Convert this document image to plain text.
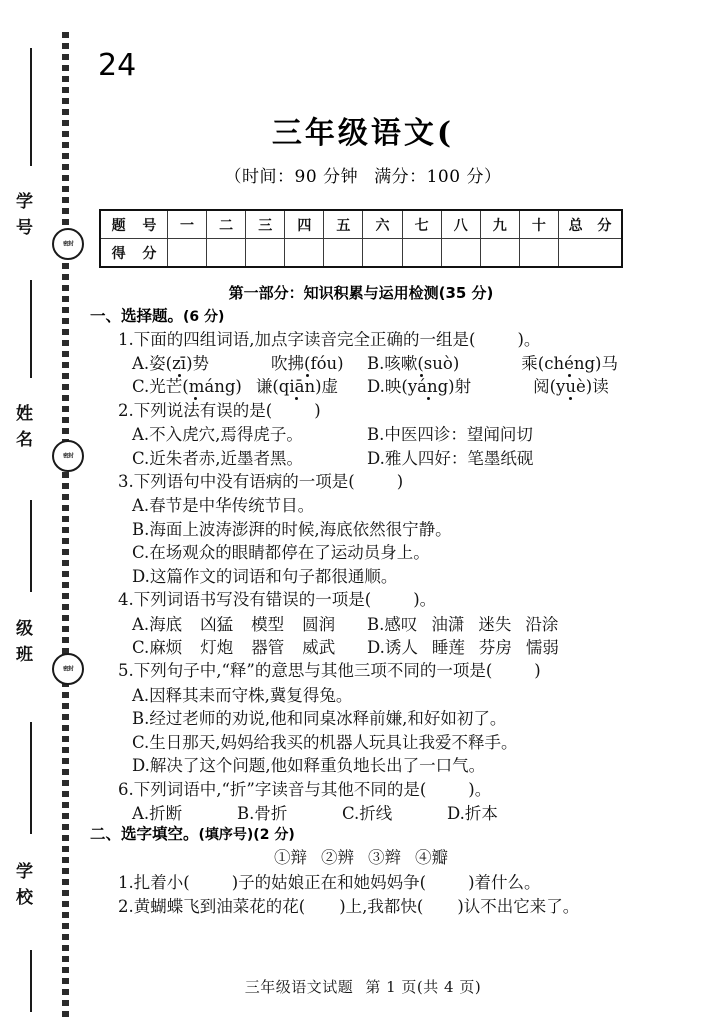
学
号
姓
名
级
班
学
校
密封
密封
密封
24
三年级语文(
（时间：90 分钟 满分：100 分）
题 号	一	二	三	四	五	六	七	八	九	十	总 分
得 分											
第一部分：知识积累与运用检测(35 分)
一、选择题。(6 分)
1.下面的四组词语,加点字读音完全正确的一组是(	)。
A.姿(zī)势	吹拂(fóu) B.咳嗽(suò)	乘(chéng)马
C.光芒(máng) 谦(qiān)虚 D.映(yáng)射	阅(yuè)读
2.下列说法有误的是(	)
A.不入虎穴,焉得虎子。	B.中医四诊：望闻问切
C.近朱者赤,近墨者黑。	D.雅人四好：笔墨纸砚
3.下列语句中没有语病的一项是(	)
A.春节是中华传统节目。
B.海面上波涛澎湃的时候,海底依然很宁静。
C.在场观众的眼睛都停在了运动员身上。
D.这篇作文的词语和句子都很通顺。
4.下列词语书写没有错误的一项是(	)。
A.海底 凶猛 模型 圆润 B.感叹 油潇 迷失 沿涂
C.麻烦 灯炮 器管 威武 D.诱人 睡莲 芬房 懦弱
5.下列句子中,“释”的意思与其他三项不同的一项是(	)
A.因释其耒而守株,冀复得兔。
B.经过老师的劝说,他和同桌冰释前嫌,和好如初了。
C.生日那天,妈妈给我买的机器人玩具让我爱不释手。
D.解决了这个问题,他如释重负地长出了一口气。
6.下列词语中,“折”字读音与其他不同的是(	)。
A.折断	B.骨折	C.折线	D.折本
二、选字填空。(填序号)(2 分)
①辩 ②辨 ③辫 ④瓣
1.扎着小(	)子的姑娘正在和她妈妈争(	)着什么。
2.黄蝴蝶飞到油菜花的花( )上,我都快( )认不出它来了。
三年级语文试题 第 1 页(共 4 页)
